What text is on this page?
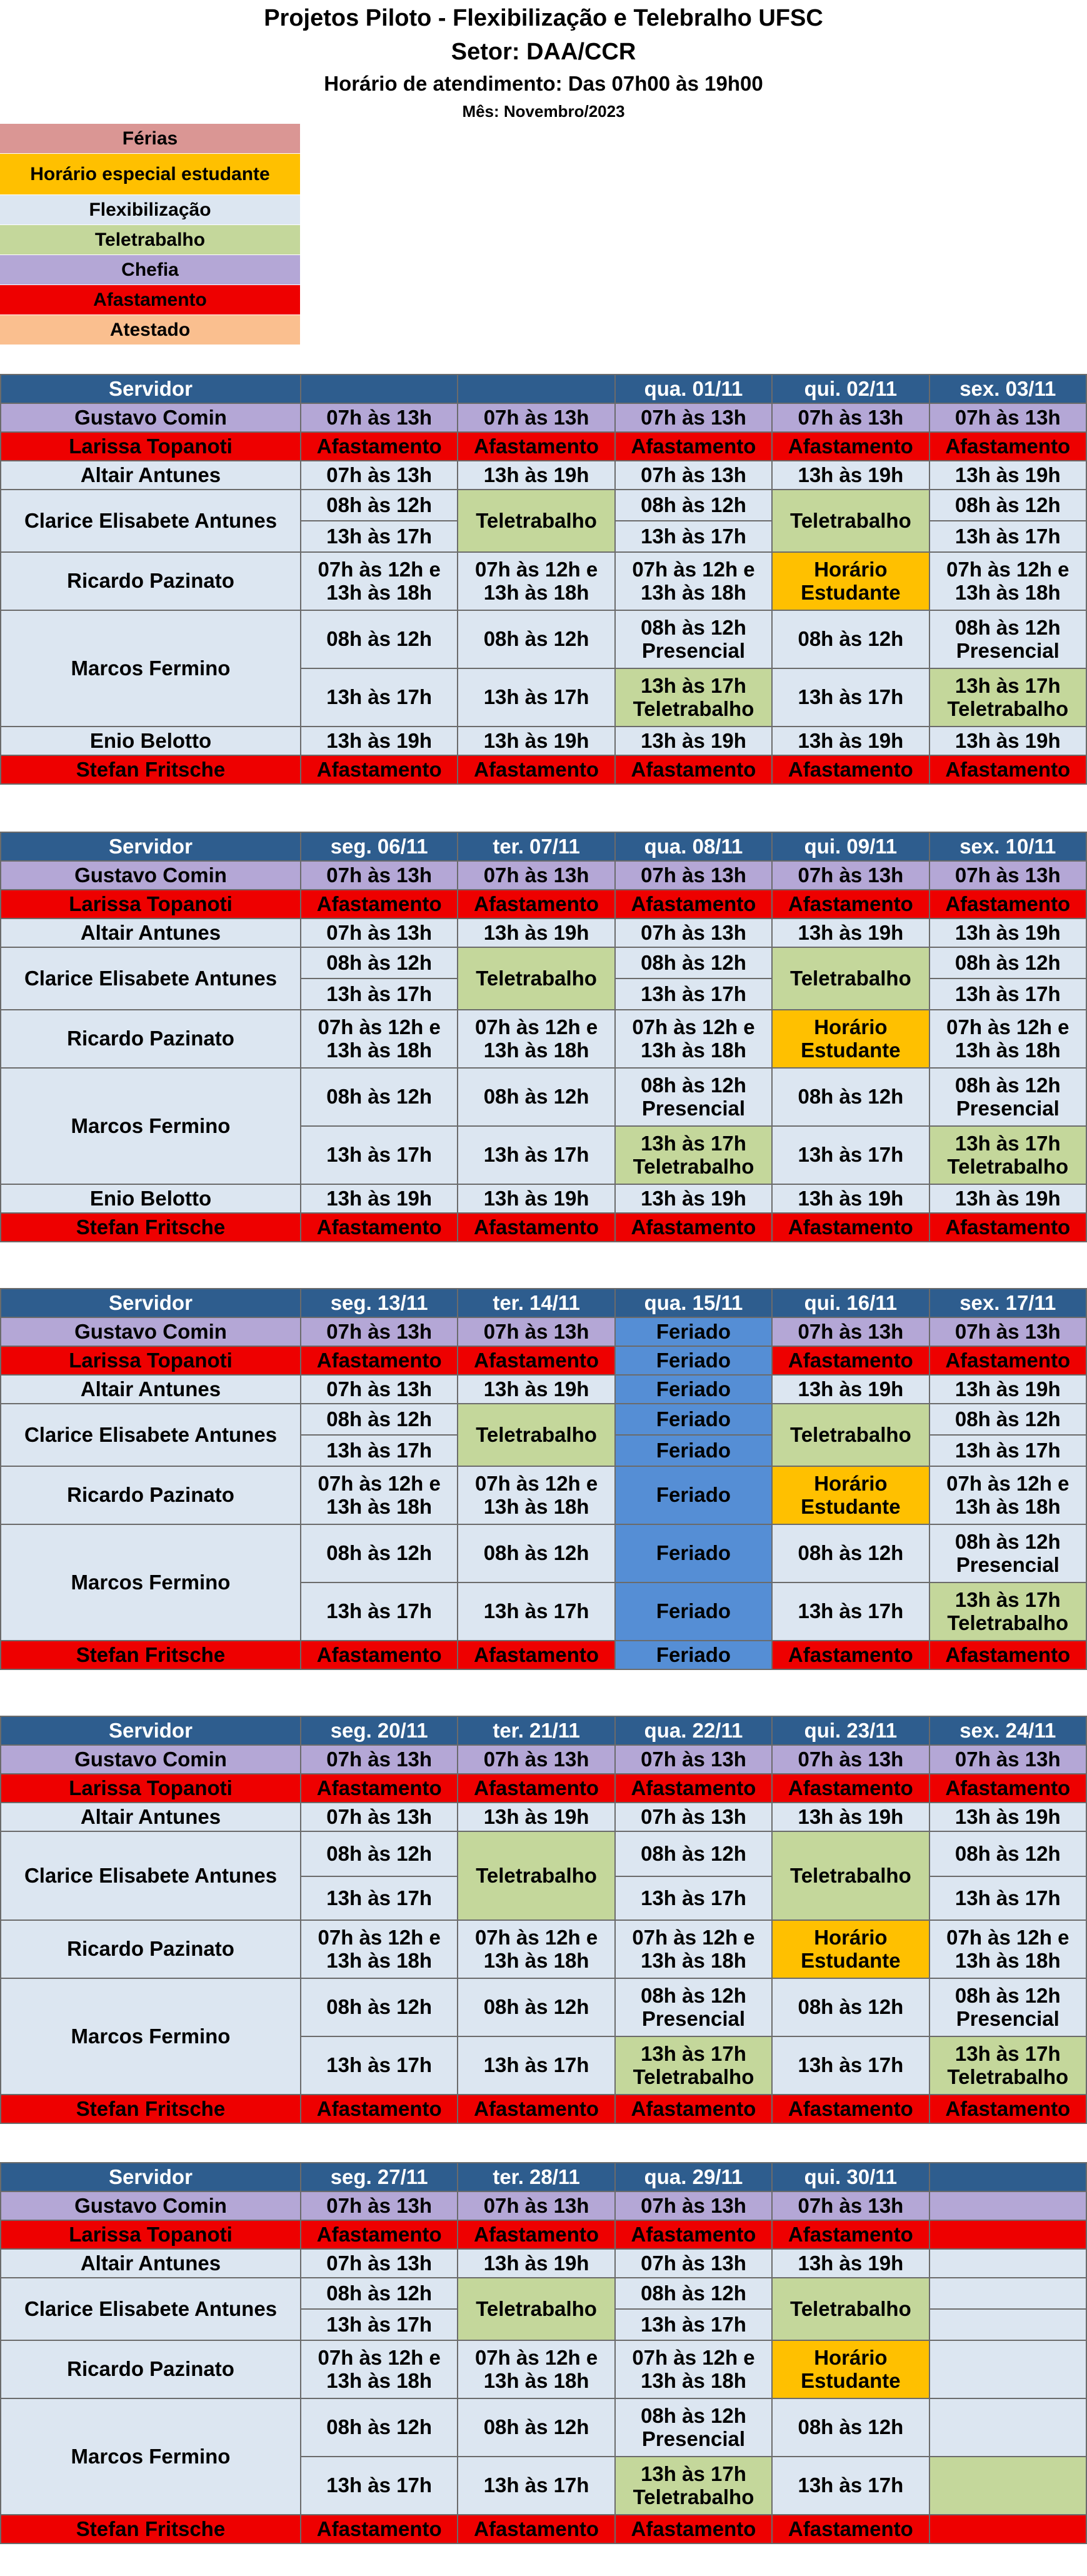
Projetos Piloto - Flexibilização e Telebralho UFSC
Setor: DAA/CCR
Horário de atendimento: Das 07h00 às 19h00
Mês: Novembro/2023
Férias
Horário especial estudante
Flexibilização
Teletrabalho
Chefia
Afastamento
Atestado
Servidor			qua. 01/11	qui. 02/11	sex. 03/11
Gustavo Comin	07h às 13h	07h às 13h	07h às 13h	07h às 13h	07h às 13h
Larissa Topanoti	Afastamento	Afastamento	Afastamento	Afastamento	Afastamento
Altair Antunes	07h às 13h	13h às 19h	07h às 13h	13h às 19h	13h às 19h
Clarice Elisabete Antunes	08h às 12h	Teletrabalho	08h às 12h	Teletrabalho	08h às 12h
	13h às 17h		13h às 17h		13h às 17h
Ricardo Pazinato	07h às 12h e 13h às 18h	07h às 12h e 13h às 18h	07h às 12h e 13h às 18h	Horário Estudante	07h às 12h e 13h às 18h
Marcos Fermino	08h às 12h	08h às 12h	08h às 12h Presencial	08h às 12h	08h às 12h Presencial
	13h às 17h	13h às 17h	13h às 17h Teletrabalho	13h às 17h	13h às 17h Teletrabalho
Enio Belotto	13h às 19h	13h às 19h	13h às 19h	13h às 19h	13h às 19h
Stefan Fritsche	Afastamento	Afastamento	Afastamento	Afastamento	Afastamento
Servidor	seg. 06/11	ter. 07/11	qua. 08/11	qui. 09/11	sex. 10/11
Gustavo Comin	07h às 13h	07h às 13h	07h às 13h	07h às 13h	07h às 13h
Larissa Topanoti	Afastamento	Afastamento	Afastamento	Afastamento	Afastamento
Altair Antunes	07h às 13h	13h às 19h	07h às 13h	13h às 19h	13h às 19h
Clarice Elisabete Antunes	08h às 12h	Teletrabalho	08h às 12h	Teletrabalho	08h às 12h
	13h às 17h		13h às 17h		13h às 17h
Ricardo Pazinato	07h às 12h e 13h às 18h	07h às 12h e 13h às 18h	07h às 12h e 13h às 18h	Horário Estudante	07h às 12h e 13h às 18h
Marcos Fermino	08h às 12h	08h às 12h	08h às 12h Presencial	08h às 12h	08h às 12h Presencial
	13h às 17h	13h às 17h	13h às 17h Teletrabalho	13h às 17h	13h às 17h Teletrabalho
Enio Belotto	13h às 19h	13h às 19h	13h às 19h	13h às 19h	13h às 19h
Stefan Fritsche	Afastamento	Afastamento	Afastamento	Afastamento	Afastamento
Servidor	seg. 13/11	ter. 14/11	qua. 15/11	qui. 16/11	sex. 17/11
Gustavo Comin	07h às 13h	07h às 13h	Feriado	07h às 13h	07h às 13h
Larissa Topanoti	Afastamento	Afastamento	Feriado	Afastamento	Afastamento
Altair Antunes	07h às 13h	13h às 19h	Feriado	13h às 19h	13h às 19h
Clarice Elisabete Antunes	08h às 12h	Teletrabalho	Feriado	Teletrabalho	08h às 12h
	13h às 17h		Feriado		13h às 17h
Ricardo Pazinato	07h às 12h e 13h às 18h	07h às 12h e 13h às 18h	Feriado	Horário Estudante	07h às 12h e 13h às 18h
Marcos Fermino	08h às 12h	08h às 12h	Feriado	08h às 12h	08h às 12h Presencial
	13h às 17h	13h às 17h	Feriado	13h às 17h	13h às 17h Teletrabalho
Stefan Fritsche	Afastamento	Afastamento	Feriado	Afastamento	Afastamento
Servidor	seg. 20/11	ter. 21/11	qua. 22/11	qui. 23/11	sex. 24/11
Gustavo Comin	07h às 13h	07h às 13h	07h às 13h	07h às 13h	07h às 13h
Larissa Topanoti	Afastamento	Afastamento	Afastamento	Afastamento	Afastamento
Altair Antunes	07h às 13h	13h às 19h	07h às 13h	13h às 19h	13h às 19h
Clarice Elisabete Antunes	08h às 12h	Teletrabalho	08h às 12h	Teletrabalho	08h às 12h
	13h às 17h		13h às 17h		13h às 17h
Ricardo Pazinato	07h às 12h e 13h às 18h	07h às 12h e 13h às 18h	07h às 12h e 13h às 18h	Horário Estudante	07h às 12h e 13h às 18h
Marcos Fermino	08h às 12h	08h às 12h	08h às 12h Presencial	08h às 12h	08h às 12h Presencial
	13h às 17h	13h às 17h	13h às 17h Teletrabalho	13h às 17h	13h às 17h Teletrabalho
Stefan Fritsche	Afastamento	Afastamento	Afastamento	Afastamento	Afastamento
Servidor	seg. 27/11	ter. 28/11	qua. 29/11	qui. 30/11	
Gustavo Comin	07h às 13h	07h às 13h	07h às 13h	07h às 13h	
Larissa Topanoti	Afastamento	Afastamento	Afastamento	Afastamento	
Altair Antunes	07h às 13h	13h às 19h	07h às 13h	13h às 19h	
Clarice Elisabete Antunes	08h às 12h	Teletrabalho	08h às 12h	Teletrabalho	
	13h às 17h		13h às 17h		
Ricardo Pazinato	07h às 12h e 13h às 18h	07h às 12h e 13h às 18h	07h às 12h e 13h às 18h	Horário Estudante	
Marcos Fermino	08h às 12h	08h às 12h	08h às 12h Presencial	08h às 12h	
	13h às 17h	13h às 17h	13h às 17h Teletrabalho	13h às 17h	
Stefan Fritsche	Afastamento	Afastamento	Afastamento	Afastamento	
